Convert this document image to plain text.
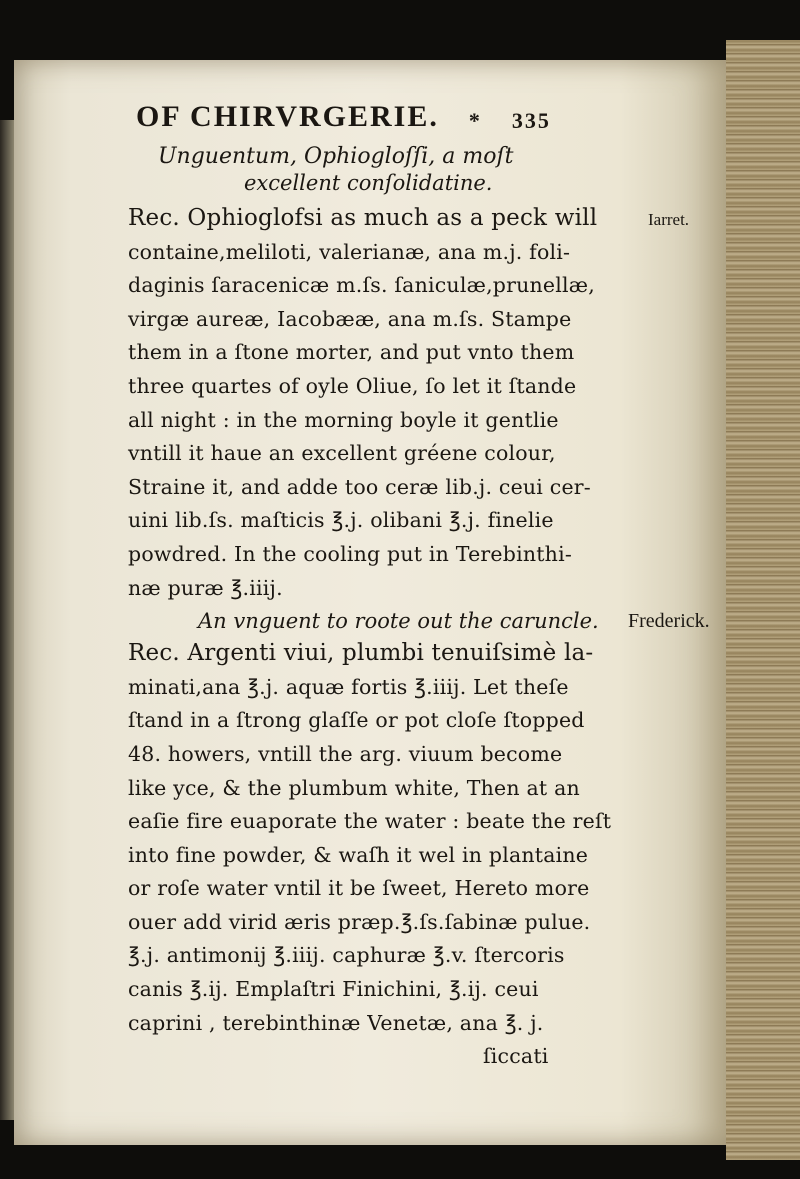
OF CHIRVRGERIE. * 335
Unguentum, Ophiogloſſi, a moſt
excellent conſolidatine.
Rec. Ophioglofsi as much as a peck will
containe,meliloti, valerianæ, ana m.j. foli-
daginis ſaracenicæ m.ſs. ſaniculæ,prunellæ,
virgæ aureæ, Iacobææ, ana m.ſs. Stampe
them in a ſtone morter, and put vnto them
three quartes of oyle Oliue, ſo let it ſtande
all night : in the morning boyle it gentlie
vntill it haue an excellent gréene colour,
Straine it, and adde too ceræ lib.j. ceui cer-
uini lib.ſs. maſticis ℥.j. olibani ℥.j. finelie
powdred. In the cooling put in Terebinthi-
næ puræ ℥.iiij.
An vnguent to roote out the caruncle.
Rec. Argenti viui, plumbi tenuiſsimè la-
minati,ana ℥.j. aquæ fortis ℥.iiij. Let theſe
ſtand in a ſtrong glaſſe or pot cloſe ſtopped
48. howers, vntill the arg. viuum become
like yce, & the plumbum white, Then at an
eaſie fire euaporate the water : beate the reſt
into fine powder, & waſh it wel in plantaine
or roſe water vntil it be ſweet, Hereto more
ouer add virid æris præp.℥.ſs.ſabinæ pulue.
℥.j. antimonij ℥.iiij. caphuræ ℥.v. ſtercoris
canis ℥.ij. Emplaſtri Finichini, ℥.ij. ceui
caprini , terebinthinæ Venetæ, ana ℥. j.
ſiccati
Iarret.
Frederick.
